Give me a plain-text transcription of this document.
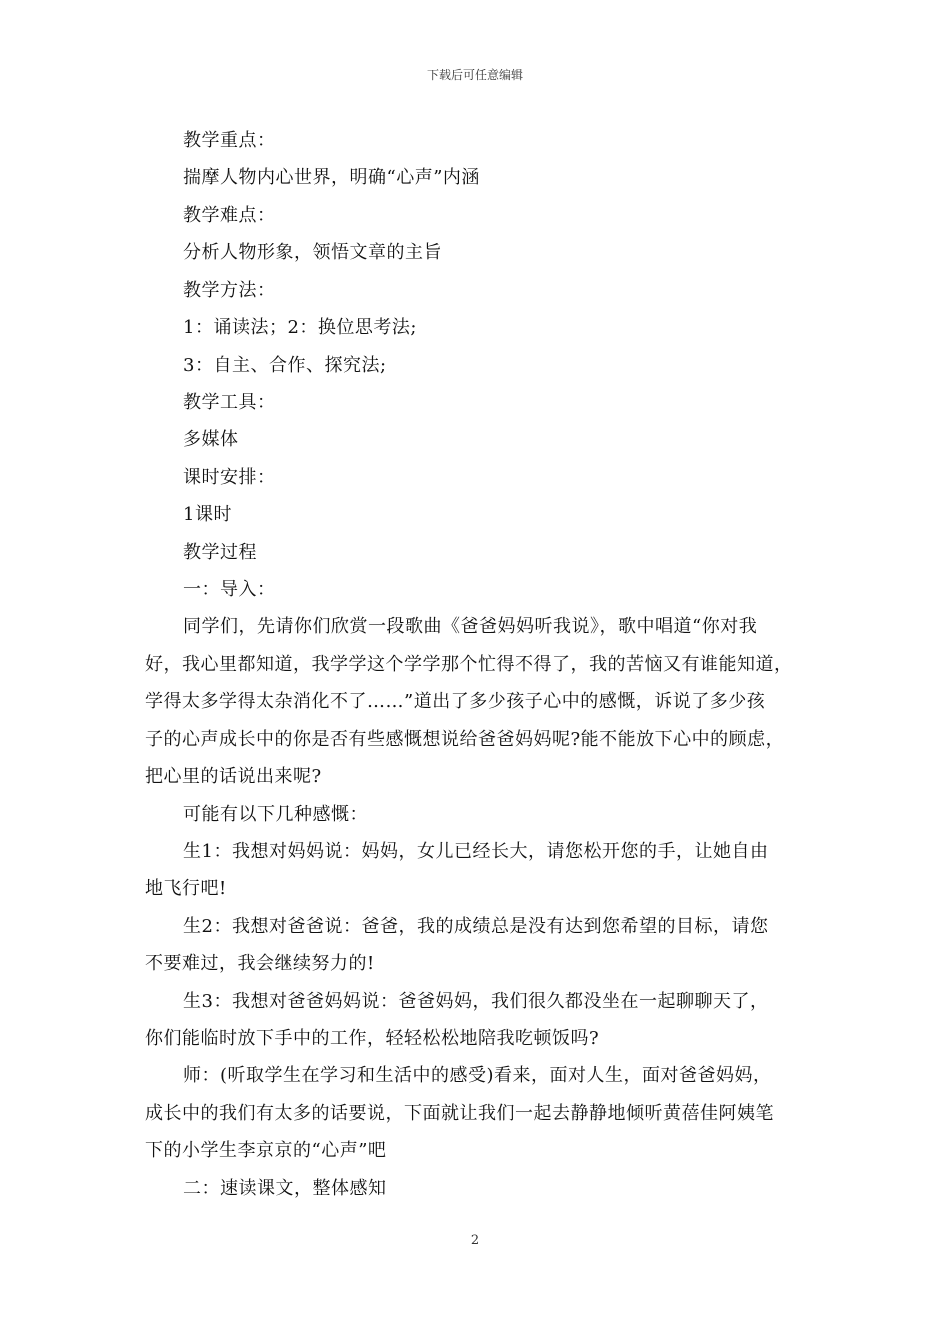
下载后可任意编辑
教学重点：
揣摩人物内心世界，明确“心声”内涵
教学难点：
分析人物形象，领悟文章的主旨
教学方法：
1：诵读法；2：换位思考法;
3：自主、合作、探究法;
教学工具：
多媒体
课时安排：
1课时
教学过程
一：导入：
同学们，先请你们欣赏一段歌曲《爸爸妈妈听我说》，歌中唱道“你对我
好，我心里都知道，我学学这个学学那个忙得不得了，我的苦恼又有谁能知道，
学得太多学得太杂消化不了……”道出了多少孩子心中的感慨，诉说了多少孩
子的心声成长中的你是否有些感慨想说给爸爸妈妈呢?能不能放下心中的顾虑，
把心里的话说出来呢?
可能有以下几种感慨：
生1：我想对妈妈说：妈妈，女儿已经长大，请您松开您的手，让她自由
地飞行吧!
生2：我想对爸爸说：爸爸，我的成绩总是没有达到您希望的目标，请您
不要难过，我会继续努力的!
生3：我想对爸爸妈妈说：爸爸妈妈，我们很久都没坐在一起聊聊天了，
你们能临时放下手中的工作，轻轻松松地陪我吃顿饭吗?
师：(听取学生在学习和生活中的感受)看来，面对人生，面对爸爸妈妈，
成长中的我们有太多的话要说，下面就让我们一起去静静地倾听黄蓓佳阿姨笔
下的小学生李京京的“心声”吧
二：速读课文，整体感知
2
